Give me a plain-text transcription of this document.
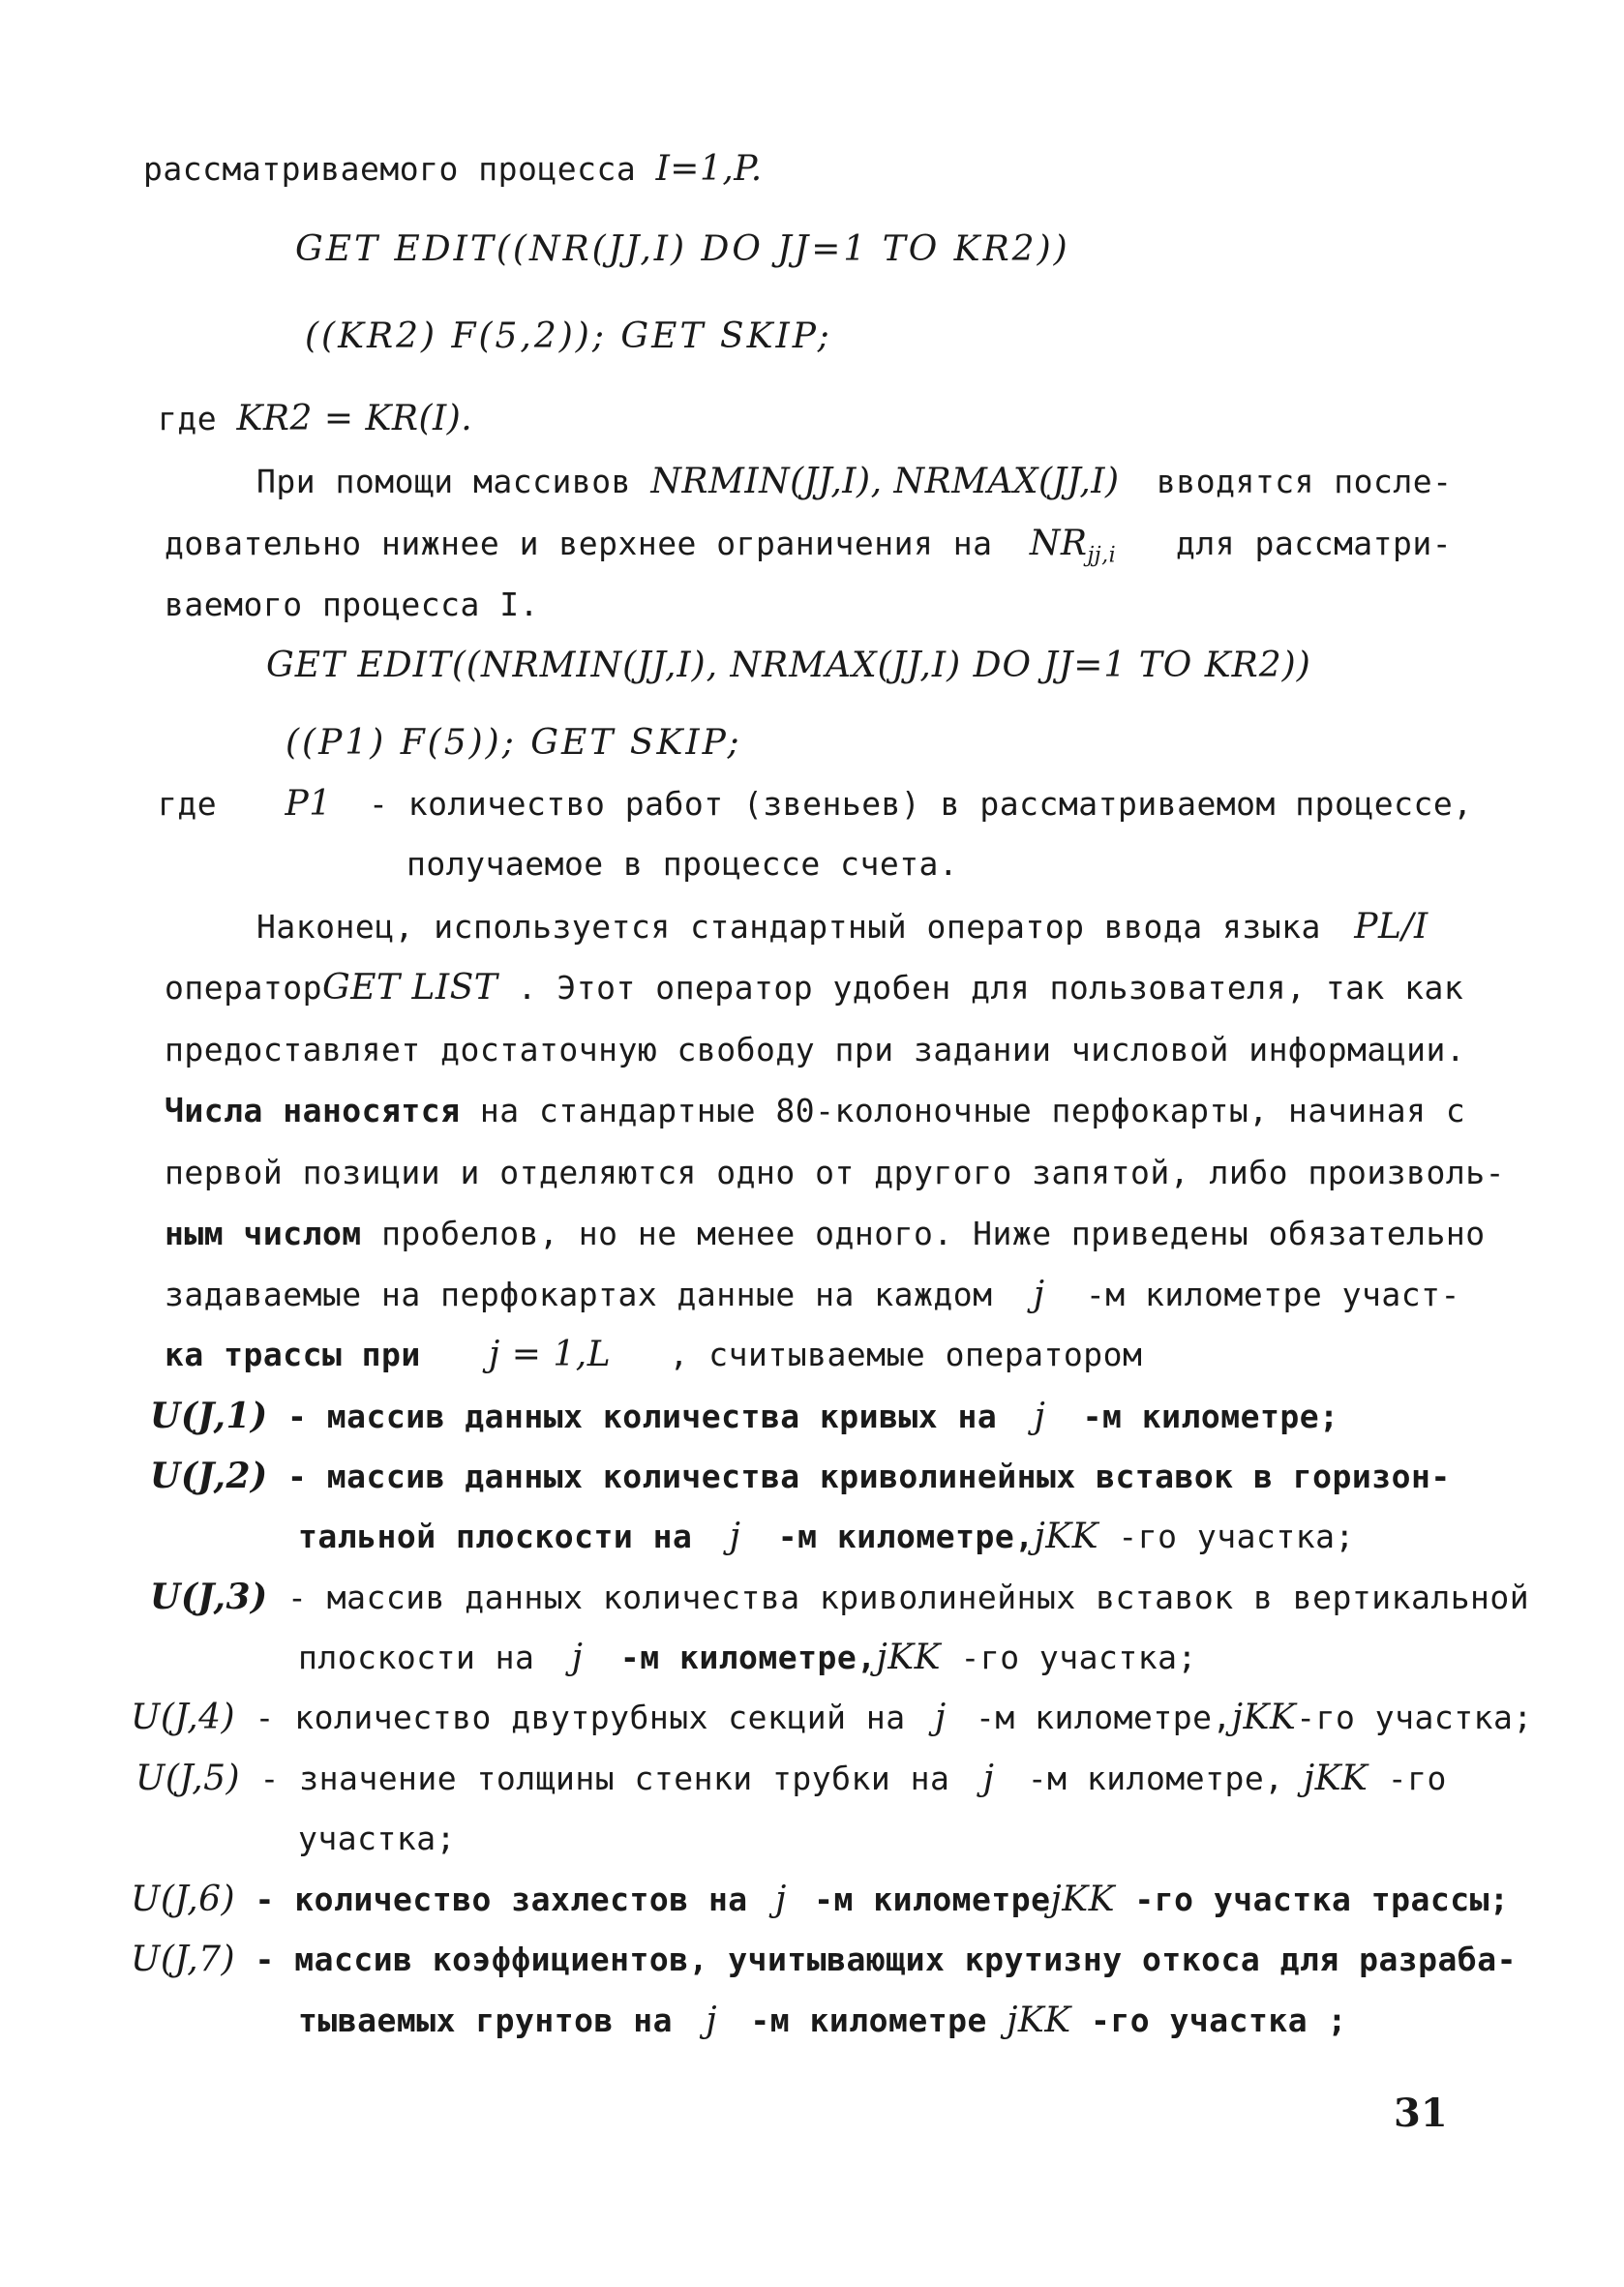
рассматриваемого процесса I=1,P.
GET EDIT((NR(JJ,I) DO JJ=1 TO KR2))
((KR2) F(5,2)); GET SKIP;
где KR2 = KR(I).
При помощи массивов NRMIN(JJ,I), NRMAX(JJ,I) вводятся после-
довательно нижнее и верхнее ограничения на $NR_{jj,i}$ для рассматри-
ваемого процесса I.
GET EDIT((NRMIN(JJ,I), NRMAX(JJ,I) DO JJ=1 TO KR2))
((P1) F(5)); GET SKIP;
где P1 - количество работ (звеньев) в рассматриваемом процессе,
получаемое в процессе счета.
Наконец, используется стандартный оператор ввода языка PL/I
операторGET LIST . Этот оператор удобен для пользователя, так как
предоставляет достаточную свободу при задании числовой информации.
Числа наносятся на стандартные 80-колоночные перфокарты, начиная с
первой позиции и отделяются одно от другого запятой, либо произволь-
ным числом пробелов, но не менее одного. Ниже приведены обязательно
задаваемые на перфокартах данные на каждом j -м километре участ-
ка трассы при j = 1,L , считываемые оператором
U(J,1) - массив данных количества кривых на j -м километре;
U(J,2) - массив данных количества криволинейных вставок в горизон-
тальной плоскости на j -м километре,jKK -го участка;
U(J,3) - массив данных количества криволинейных вставок в вертикальной
плоскости на j -м километре,jKK -го участка;
U(J,4) - количество двутрубных секций на j -м километре,jKK-го участка;
U(J,5) - значение толщины стенки трубки на j -м километре, jKK -го
участка;
U(J,6) - количество захлестов на j -м километреjKK -го участка трассы;
U(J,7) - массив коэффициентов, учитывающих крутизну откоса для разраба-
тываемых грунтов на j -м километре jKK -го участка ;
31
